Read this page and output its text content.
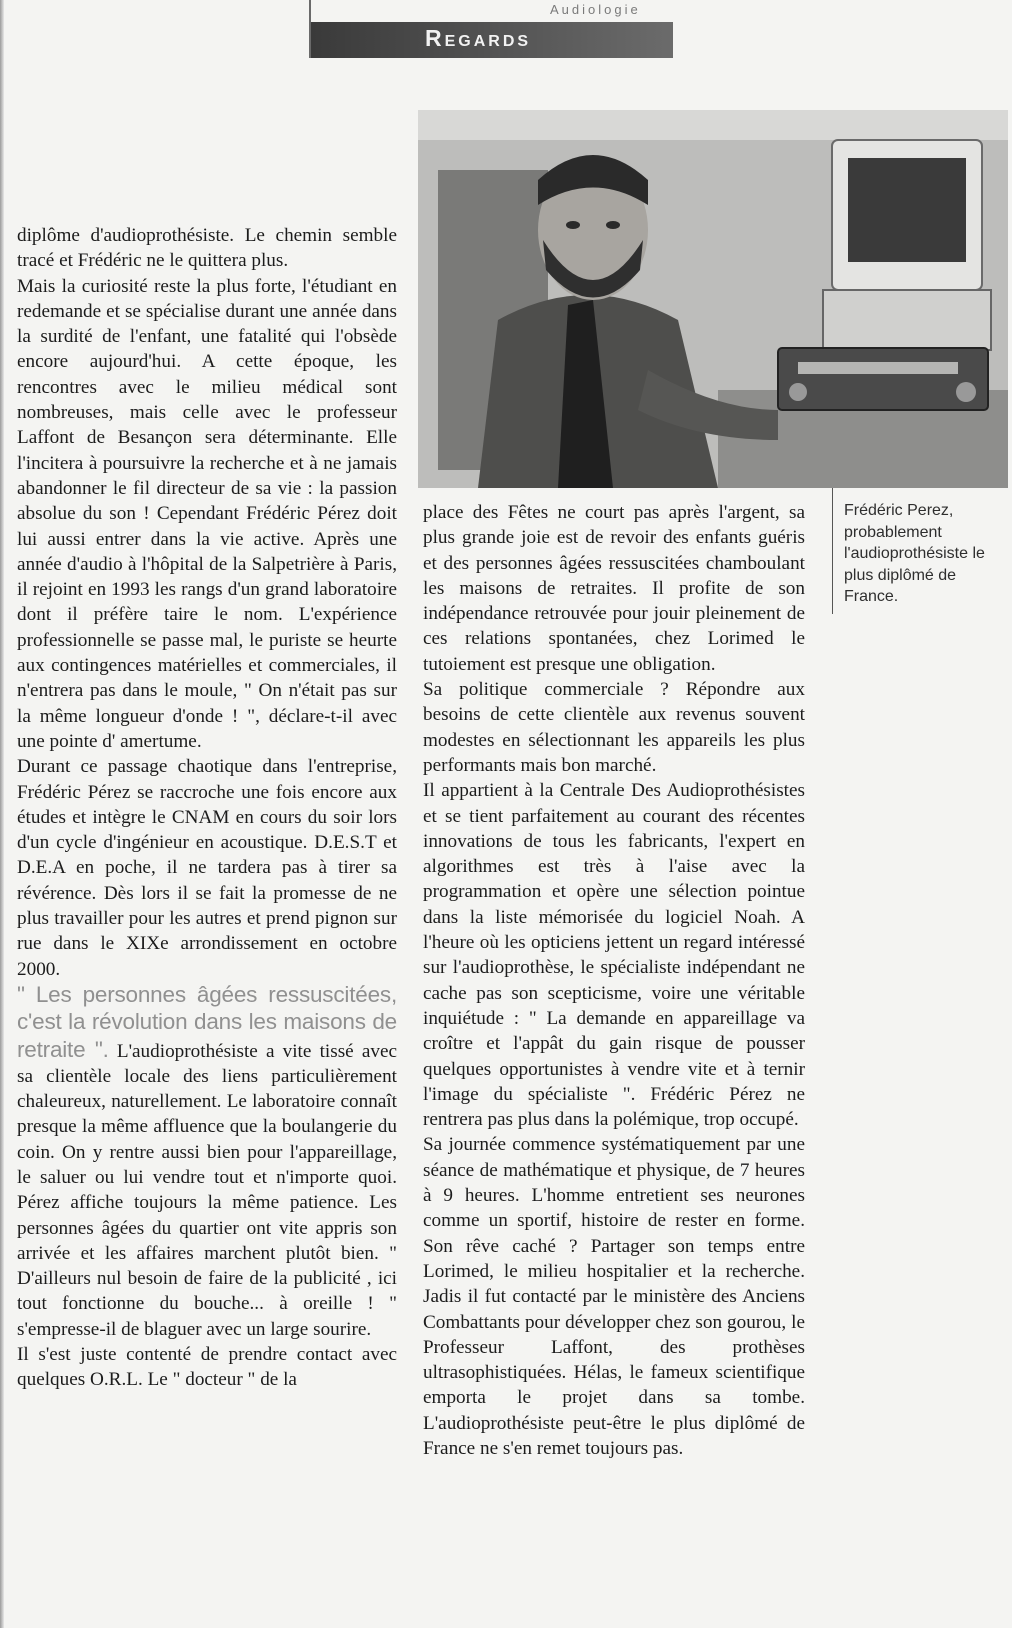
Audiologie
Regards
Frédéric Perez, probablement l'audioprothésiste le plus diplômé de France.

diplôme d'audioprothésiste. Le chemin semble tracé et Frédéric ne le quittera plus.

Mais la curiosité reste la plus forte, l'étudiant en redemande et se spécialise durant une année dans la surdité de l'enfant, une fatalité qui l'obsède encore aujourd'hui. A cette époque, les rencontres avec le milieu médical sont nombreuses, mais celle avec le professeur Laffont de Besançon sera déterminante. Elle l'incitera à poursuivre la recherche et à ne jamais abandonner le fil directeur de sa vie : la passion absolue du son ! Cependant Frédéric Pérez doit lui aussi entrer dans la vie active. Après une année d'audio à l'hôpital de la Salpetrière à Paris, il rejoint en 1993 les rangs d'un grand laboratoire dont il préfère taire le nom. L'expérience professionnelle se passe mal, le puriste se heurte aux contingences matérielles et commerciales, il n'entrera pas dans le moule, " On n'était pas sur la même longueur d'onde ! ", déclare-t-il avec une pointe d' amertume.

Durant ce passage chaotique dans l'entreprise, Frédéric Pérez se raccroche une fois encore aux études et intègre le CNAM en cours du soir lors d'un cycle d'ingénieur en acoustique. D.E.S.T et D.E.A en poche, il ne tardera pas à tirer sa révérence. Dès lors il se fait la promesse de ne plus travailler pour les autres et prend pignon sur rue dans le XIXe arrondissement en octobre 2000.

" Les personnes âgées ressuscitées, c'est la révolution dans les maisons de retraite ". L'audioprothésiste a vite tissé avec sa clientèle locale des liens particulièrement chaleureux, naturellement. Le laboratoire connaît presque la même affluence que la boulangerie du coin. On y rentre aussi bien pour l'appareillage, le saluer ou lui vendre tout et n'importe quoi. Pérez affiche toujours la même patience. Les personnes âgées du quartier ont vite appris son arrivée et les affaires marchent plutôt bien. " D'ailleurs nul besoin de faire de la publicité , ici tout fonctionne du bouche... à oreille ! " s'empresse-il de blaguer avec un large sourire.

Il s'est juste contenté de prendre contact avec quelques O.R.L. Le " docteur " de la

place des Fêtes ne court pas après l'argent, sa plus grande joie est de revoir des enfants guéris et des personnes âgées ressuscitées chamboulant les maisons de retraites. Il profite de son indépendance retrouvée pour jouir pleinement de ces relations spontanées, chez Lorimed le tutoiement est presque une obligation.

Sa politique commerciale ? Répondre aux besoins de cette clientèle aux revenus souvent modestes en sélectionnant les appareils les plus performants mais bon marché.

Il appartient à la Centrale Des Audioprothésistes et se tient parfaitement au courant des récentes innovations de tous les fabricants, l'expert en algorithmes est très à l'aise avec la programmation et opère une sélection pointue dans la liste mémorisée du logiciel Noah. A l'heure où les opticiens jettent un regard intéressé sur l'audioprothèse, le spécialiste indépendant ne cache pas son scepticisme, voire une véritable inquiétude : " La demande en appareillage va croître et l'appât du gain risque de pousser quelques opportunistes à vendre vite et à ternir l'image du spécialiste ". Frédéric Pérez ne rentrera pas plus dans la polémique, trop occupé.

Sa journée commence systématiquement par une séance de mathématique et physique, de 7 heures à 9 heures. L'homme entretient ses neurones comme un sportif, histoire de rester en forme. Son rêve caché ? Partager son temps entre Lorimed, le milieu hospitalier et la recherche. Jadis il fut contacté par le ministère des Anciens Combattants pour développer chez son gourou, le Professeur Laffont, des prothèses ultrasophistiquées. Hélas, le fameux scientifique emporta le projet dans sa tombe. L'audioprothésiste peut-être le plus diplômé de France ne s'en remet toujours pas.
